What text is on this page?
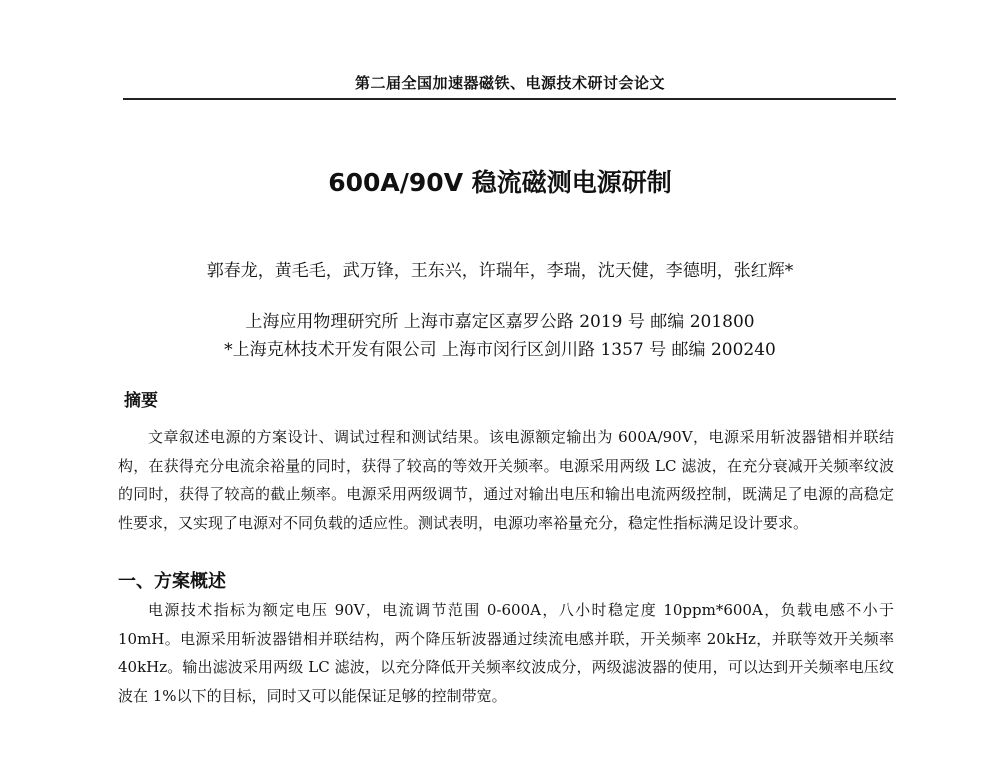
第二届全国加速器磁铁、电源技术研讨会论文
600A/90V 稳流磁测电源研制
郭春龙，黄毛毛，武万锋，王东兴，许瑞年，李瑞，沈天健，李德明，张红辉*
上海应用物理研究所 上海市嘉定区嘉罗公路 2019 号 邮编 201800
*上海克林技术开发有限公司 上海市闵行区剑川路 1357 号 邮编 200240
摘要

文章叙述电源的方案设计、调试过程和测试结果。该电源额定输出为 600A/90V，电源采用斩波器错相并联结构，在获得充分电流余裕量的同时，获得了较高的等效开关频率。电源采用两级 LC 滤波，在充分衰减开关频率纹波的同时，获得了较高的截止频率。电源采用两级调节，通过对输出电压和输出电流两级控制，既满足了电源的高稳定性要求，又实现了电源对不同负载的适应性。测试表明，电源功率裕量充分，稳定性指标满足设计要求。

一、方案概述

电源技术指标为额定电压 90V，电流调节范围 0-600A，八小时稳定度 10ppm*600A，负载电感不小于 10mH。电源采用斩波器错相并联结构，两个降压斩波器通过续流电感并联，开关频率 20kHz，并联等效开关频率 40kHz。输出滤波采用两级 LC 滤波，以充分降低开关频率纹波成分，两级滤波器的使用，可以达到开关频率电压纹波在 1%以下的目标，同时又可以能保证足够的控制带宽。
